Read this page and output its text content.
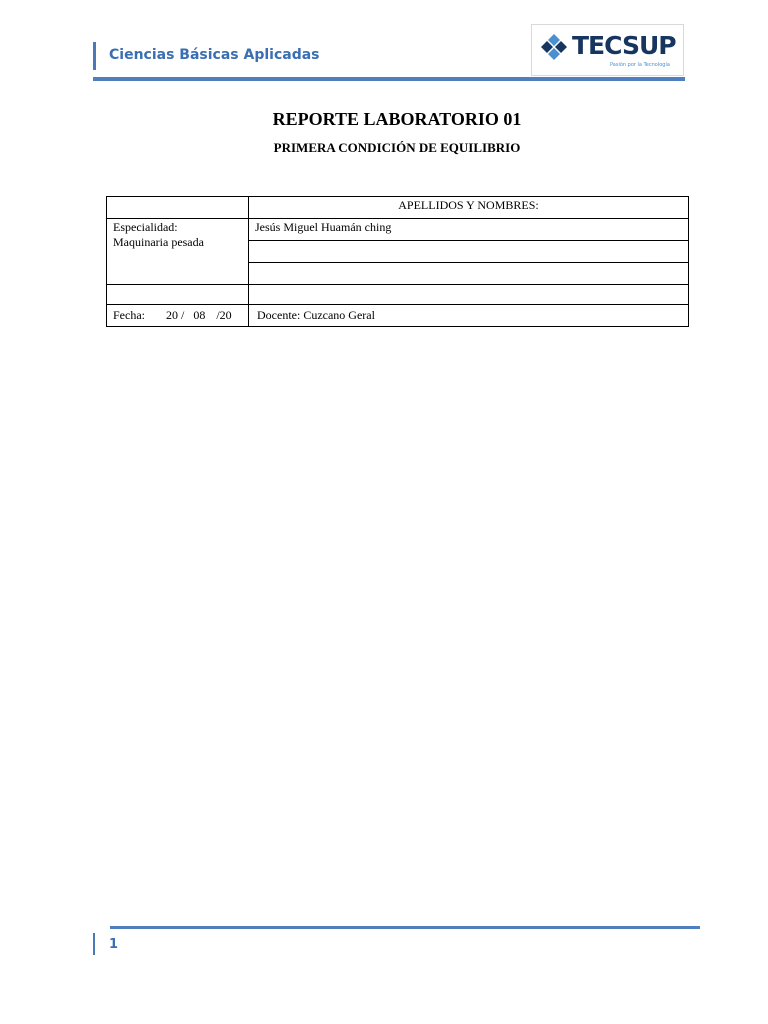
Ciencias Básicas Aplicadas	TECSUP
Pasión por la Tecnología
REPORTE LABORATORIO 01
PRIMERA CONDICIÓN DE EQUILIBRIO
	APELLIDOS Y NOMBRES:

Especialidad:
Maquinaria pesada	Jesús Miguel Huamán ching

Fecha: 20 / 08 /20	Docente: Cuzcano Geral
1
